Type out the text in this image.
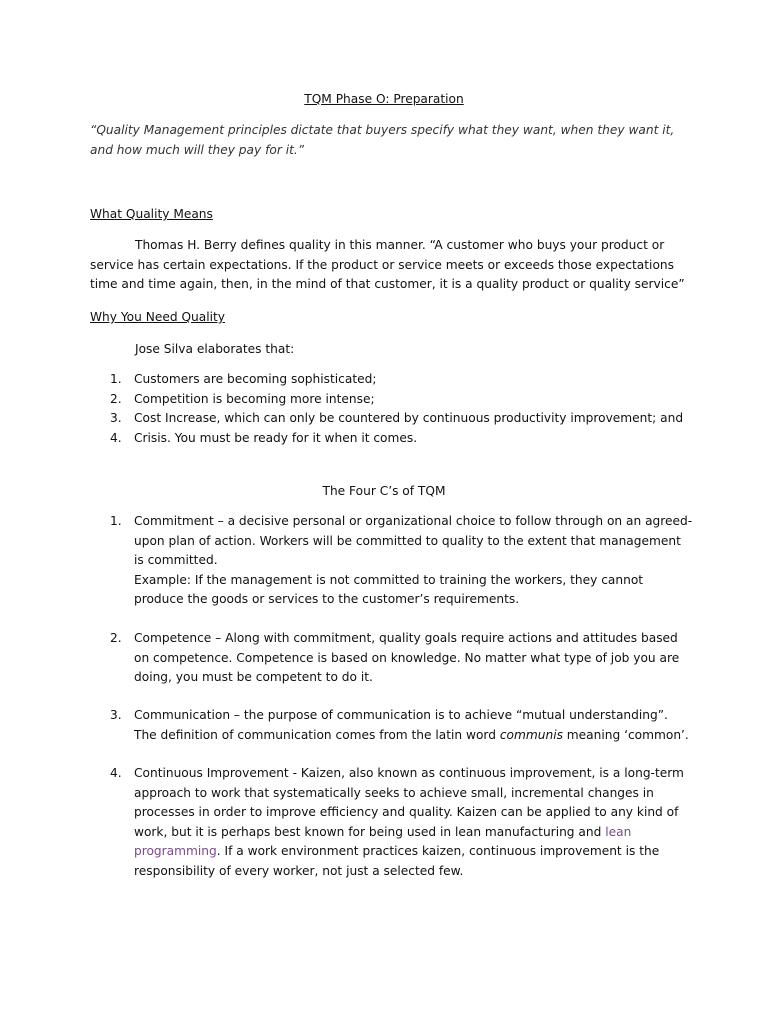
TQM Phase O: Preparation
“Quality Management principles dictate that buyers specify what they want, when they want it, and how much will they pay for it.”
What Quality Means
Thomas H. Berry defines quality in this manner. “A customer who buys your product or service has certain expectations. If the product or service meets or exceeds those expectations time and time again, then, in the mind of that customer, it is a quality product or quality service”
Why You Need Quality
Jose Silva elaborates that:
1. Customers are becoming sophisticated;
2. Competition is becoming more intense;
3. Cost Increase, which can only be countered by continuous productivity improvement; and
4. Crisis. You must be ready for it when it comes.
The Four C’s of TQM
1. Commitment – a decisive personal or organizational choice to follow through on an agreed-upon plan of action. Workers will be committed to quality to the extent that management is committed.
Example: If the management is not committed to training the workers, they cannot produce the goods or services to the customer’s requirements.
2. Competence – Along with commitment, quality goals require actions and attitudes based on competence. Competence is based on knowledge. No matter what type of job you are doing, you must be competent to do it.
3. Communication – the purpose of communication is to achieve “mutual understanding”. The definition of communication comes from the latin word communis meaning ‘common’.
4. Continuous Improvement - Kaizen, also known as continuous improvement, is a long-term approach to work that systematically seeks to achieve small, incremental changes in processes in order to improve efficiency and quality. Kaizen can be applied to any kind of work, but it is perhaps best known for being used in lean manufacturing and lean programming. If a work environment practices kaizen, continuous improvement is the responsibility of every worker, not just a selected few.
